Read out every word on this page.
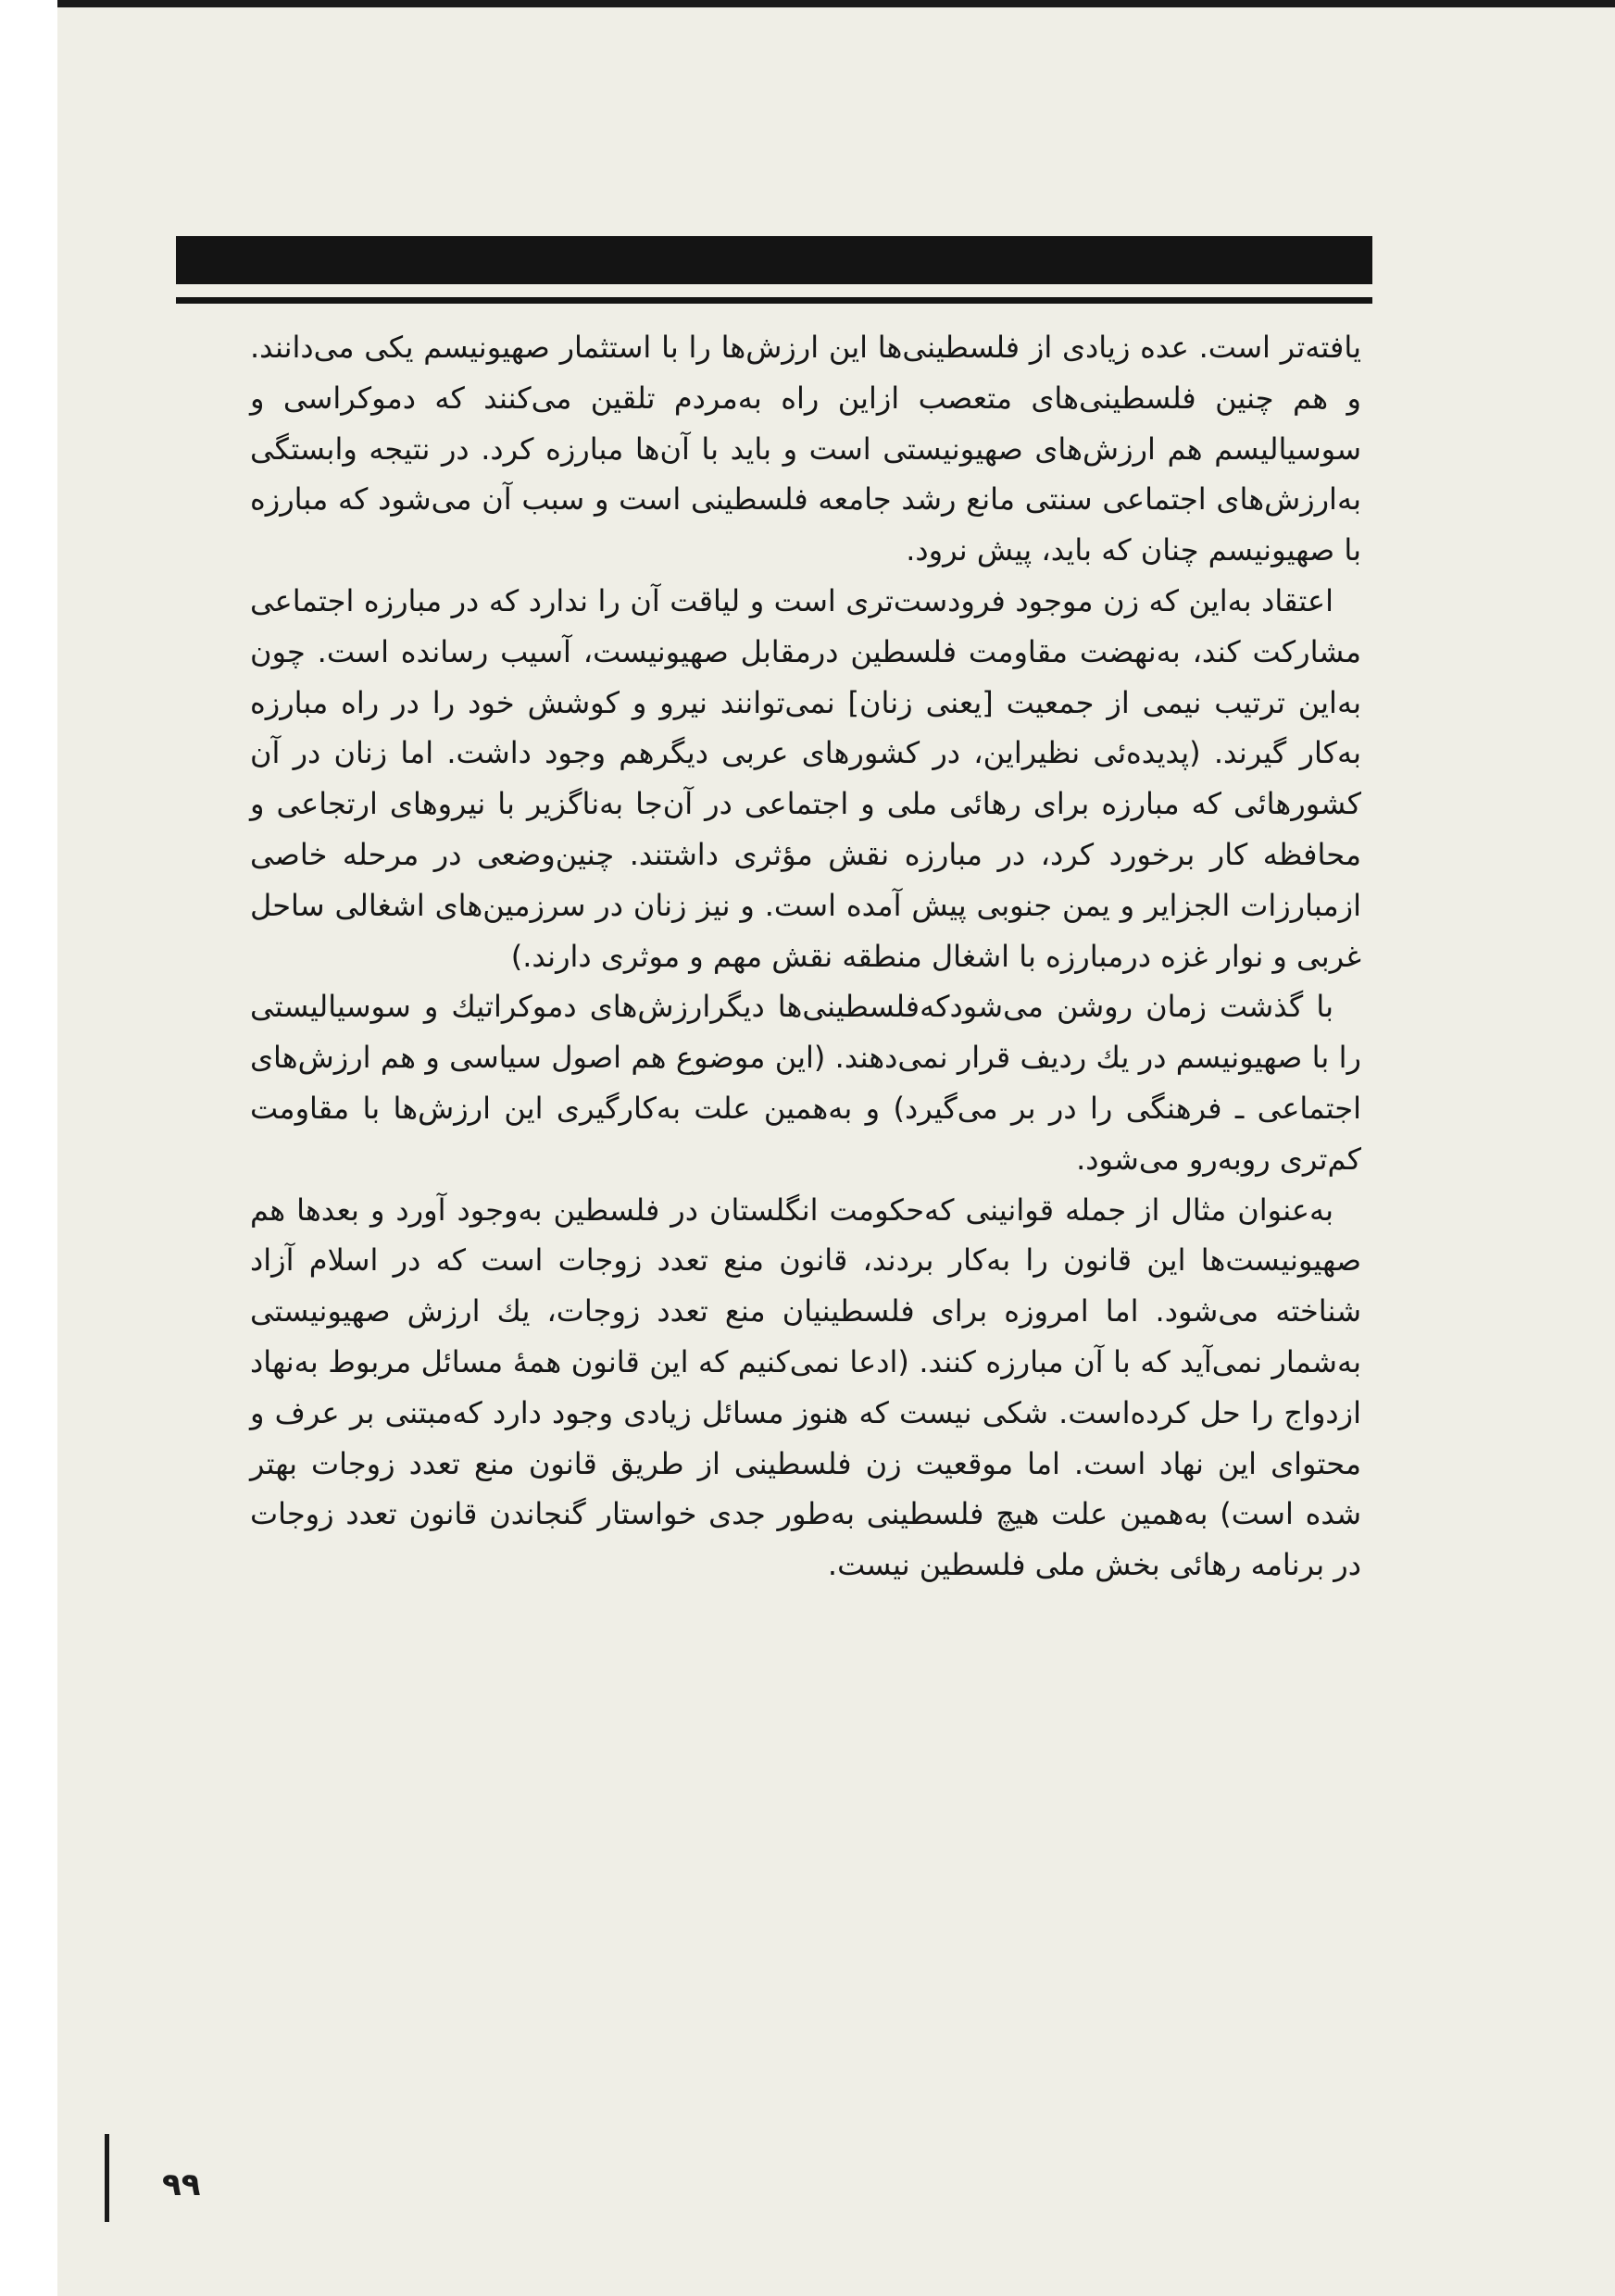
یافته‌تر است. عده زیادی از فلسطینی‌ها این ارزش‌ها را با استثمار صهیونیسم یکی می‌دانند. و هم چنین فلسطینی‌های متعصب ازاین راه به‌مردم تلقین می‌کنند که دموکراسی و سوسیالیسم هم ارزش‌های صهیونیستی است و باید با آن‌ها مبارزه کرد. در نتیجه وابستگی به‌ارزش‌های اجتماعی سنتی مانع رشد جامعه فلسطینی است و سبب آن می‌شود که مبارزه با صهیونیسم چنان که باید، پیش نرود.

اعتقاد به‌این که زن موجود فرودست‌تری است و لیاقت آن را ندارد که در مبارزه اجتماعی مشارکت کند، به‌نهضت مقاومت فلسطین درمقابل صهیونیست، آسیب رسانده است. چون به‌این ترتیب نیمی از جمعیت [یعنی زنان] نمی‌توانند نیرو و کوشش خود را در راه مبارزه به‌کار گیرند. (پدیده‌ئی نظیراین، در کشورهای عربی دیگرهم وجود داشت. اما زنان در آن کشورهائی که مبارزه برای رهائی ملی و اجتماعی در آن‌جا به‌ناگزیر با نیروهای ارتجاعی و محافظه کار برخورد کرد، در مبارزه نقش مؤثری داشتند. چنین‌وضعی در مرحله خاصی ازمبارزات الجزایر و یمن جنوبی پیش آمده است. و نیز زنان در سرزمین‌های اشغالی ساحل غربی و نوار غزه درمبارزه با اشغال منطقه نقش مهم و موثری دارند.)

با گذشت زمان روشن می‌شودکه‌فلسطینی‌ها دیگرارزش‌های دموکراتیك و سوسیالیستی را با صهیونیسم در یك ردیف قرار نمی‌دهند. (این موضوع هم اصول سیاسی و هم ارزش‌های اجتماعی ـ فرهنگی را در بر می‌گیرد) و به‌همین علت به‌کارگیری این ارزش‌ها با مقاومت کم‌تری روبه‌رو می‌شود.

به‌عنوان مثال از جمله قوانینی که‌حکومت انگلستان در فلسطین به‌وجود آورد و بعدها هم صهیونیست‌ها این قانون را به‌کار بردند، قانون منع تعدد زوجات است که در اسلام آزاد شناخته می‌شود. اما امروزه برای فلسطینیان منع تعدد زوجات، یك ارزش صهیونیستی به‌شمار نمی‌آید که با آن مبارزه کنند. (ادعا نمی‌کنیم که این قانون همهٔ مسائل مربوط به‌نهاد ازدواج را حل کرده‌است. شکی نیست که هنوز مسائل زیادی وجود دارد که‌مبتنی بر عرف و محتوای این نهاد است. اما موقعیت زن فلسطینی از طریق قانون منع تعدد زوجات بهتر شده است) به‌همین علت هیچ فلسطینی به‌طور جدی خواستار گنجاندن قانون تعدد زوجات در برنامه رهائی بخش ملی فلسطین نیست.

۹۹
